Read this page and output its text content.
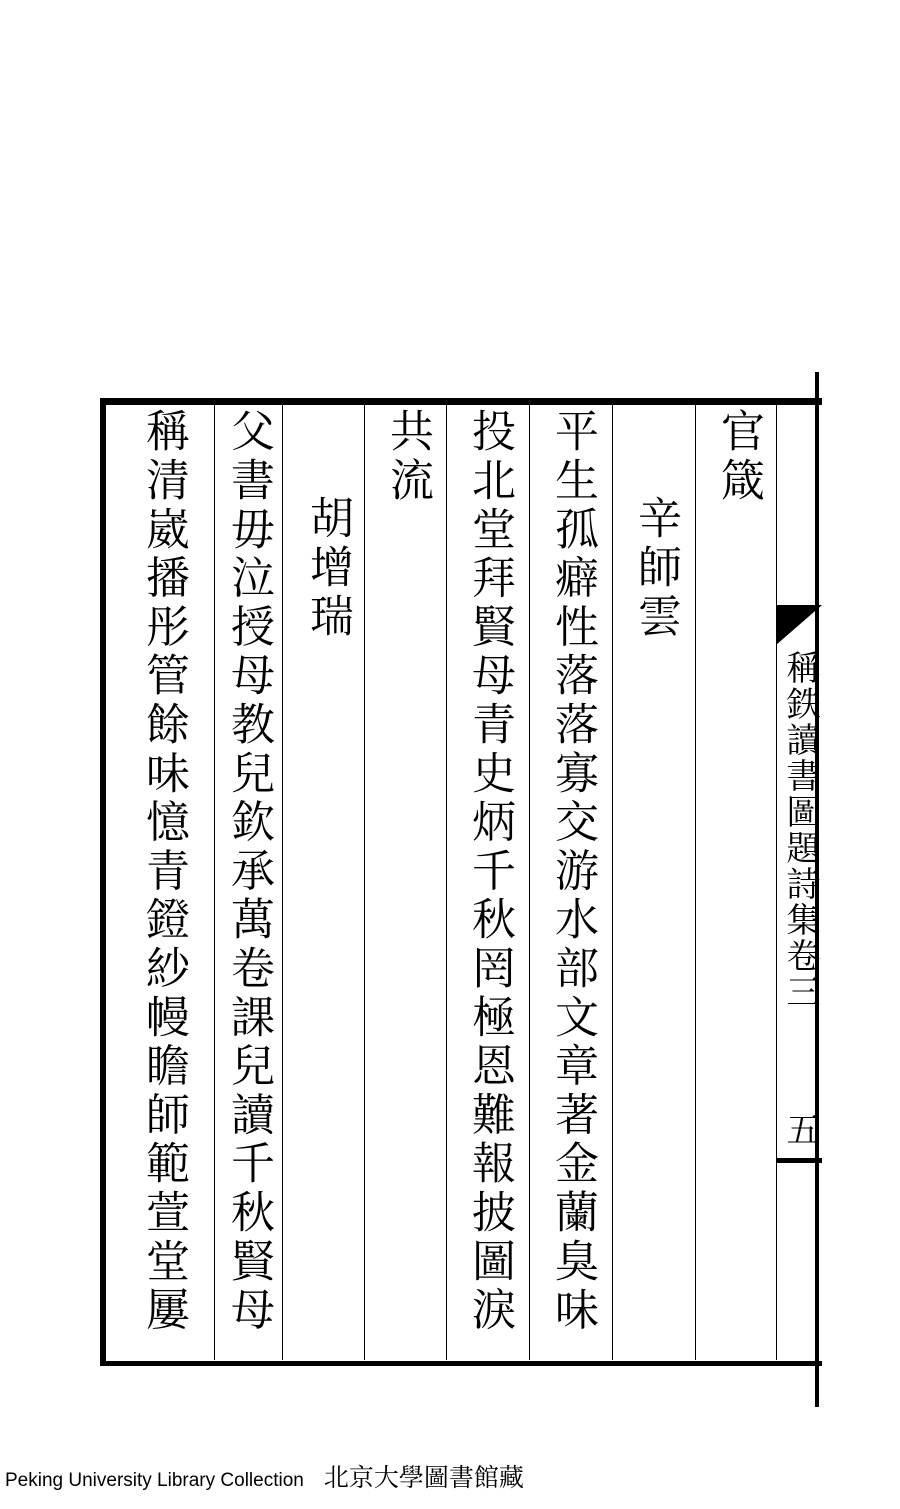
官箴
辛師雲
平生孤癖性落落寡交游水部文章著金蘭臭味
投北堂拜賢母青史炳千秋罔極恩難報披圖淚
共流
胡增瑞
父書毋泣授母教兒欽承萬卷課兒讀千秋賢母
稱清崴播彤管餘味憶青鐙紗幔瞻師範萱堂屢	稱鉄讀書圖題詩集卷三
五
Peking University Library Collection 北京大學圖書館藏
